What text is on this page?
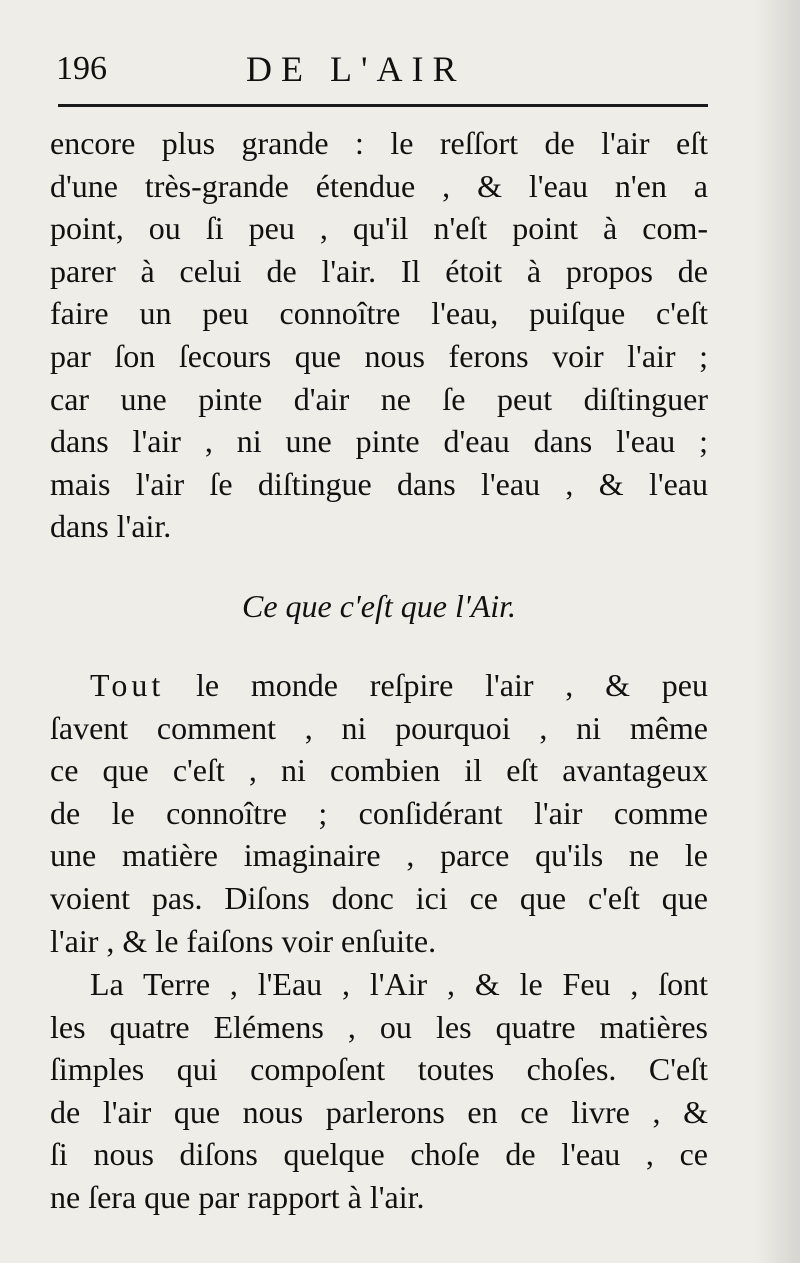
196	DE L'AIR

encore plus grande : le reſſort de l'air eſt
d'une très-grande étendue , & l'eau n'en a
point, ou ſi peu , qu'il n'eſt point à com-
parer à celui de l'air. Il étoit à propos de
faire un peu connoître l'eau, puiſque c'eſt
par ſon ſecours que nous ferons voir l'air ;
car une pinte d'air ne ſe peut diſtinguer
dans l'air , ni une pinte d'eau dans l'eau ;
mais l'air ſe diſtingue dans l'eau , & l'eau
dans l'air.

Ce que c'eſt que l'Air.

Tout le monde reſpire l'air , & peu
ſavent comment , ni pourquoi , ni même
ce que c'eſt , ni combien il eſt avantageux
de le connoître ; conſidérant l'air comme
une matière imaginaire , parce qu'ils ne le
voient pas. Diſons donc ici ce que c'eſt que
l'air , & le faiſons voir enſuite.

La Terre , l'Eau , l'Air , & le Feu , ſont
les quatre Elémens , ou les quatre matières
ſimples qui compoſent toutes choſes. C'eſt
de l'air que nous parlerons en ce livre , &
ſi nous diſons quelque choſe de l'eau , ce
ne ſera que par rapport à l'air.
